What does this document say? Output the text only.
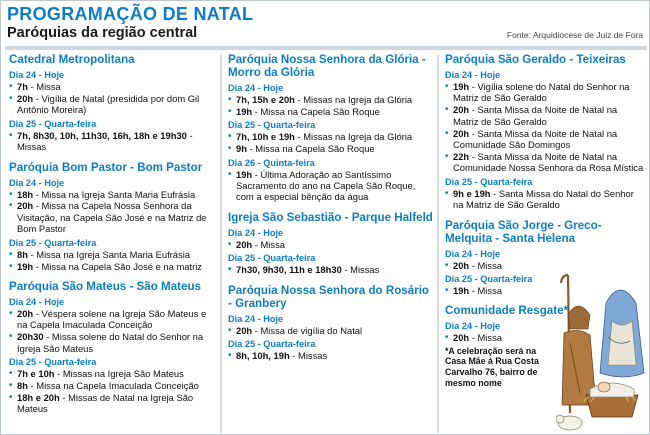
PROGRAMAÇÃO DE NATAL
Paróquias da região central	Fonte: Arquidiocese de Juiz de Fora
Catedral Metropolitana
Dia 24 - Hoje
• 7h - Missa
• 20h - Vigília de Natal (presidida por dom Gil Antônio Moreira)
Dia 25 - Quarta-feira
• 7h, 8h30, 10h, 11h30, 16h, 18h e 19h30 - Missas
Paróquia Bom Pastor - Bom Pastor
Dia 24 - Hoje
• 18h - Missa na Igreja Santa Maria Eufrásia
• 20h - Missa na Capela Nossa Senhora da Visitação, na Capela São José e na Matriz de Bom Pastor
Dia 25 - Quarta-feira
• 8h - Missa na Igreja Santa Maria Eufrásia
• 19h - Missa na Capela São José e na matriz
Paróquia São Mateus - São Mateus
Dia 24 - Hoje
• 20h - Véspera solene na Igreja São Mateus e na Capela Imaculada Conceição
• 20h30 - Missa solene do Natal do Senhor na Igreja São Mateus
Dia 25 - Quarta-feira
• 7h e 10h - Missas na Igreja São Mateus
• 8h - Missa na Capela Imaculada Conceição
• 18h e 20h - Missas de Natal na Igreja São Mateus
Paróquia Nossa Senhora da Glória - Morro da Glória
Dia 24 - Hoje
• 7h, 15h e 20h - Missas na Igreja da Glória
• 19h - Missa na Capela São Roque
Dia 25 - Quarta-feira
• 7h, 10h e 19h - Missas na Igreja da Glória
• 9h - Missa na Capela São Roque
Dia 26 - Quinta-feira
• 19h - Última Adoração ao Santíssimo Sacramento do ano na Capela São Roque, com a especial bênção da água
Igreja São Sebastião - Parque Halfeld
Dia 24 - Hoje
• 20h - Missa
Dia 25 - Quarta-feira
• 7h30, 9h30, 11h e 18h30 - Missas
Paróquia Nossa Senhora do Rosário - Granbery
Dia 24 - Hoje
• 20h - Missa de vigília do Natal
Dia 25 - Quarta-feira
• 8h, 10h, 19h - Missas
Paróquia São Geraldo - Teixeiras
Dia 24 - Hoje
• 19h - Vigília solene do Natal do Senhor na Matriz de São Geraldo
• 20h - Santa Missa da Noite de Natal na Matriz de São Geraldo
• 20h - Santa Missa da Noite de Natal na Comunidade São Domingos
• 22h - Santa Missa da Noite de Natal na Comunidade Nossa Senhora da Rosa Mística
Dia 25 - Quarta-feira
• 9h e 19h - Santa Missa do Natal do Senhor na Matriz de São Geraldo
Paróquia São Jorge - Greco-Melquita - Santa Helena
Dia 24 - Hoje
• 20h - Missa
Dia 25 - Quarta-feira
• 19h - Missa
Comunidade Resgate*
Dia 24 - Hoje
• 20h - Missa
*A celebração será na Casa Mãe à Rua Costa Carvalho 76, bairro de mesmo nome
